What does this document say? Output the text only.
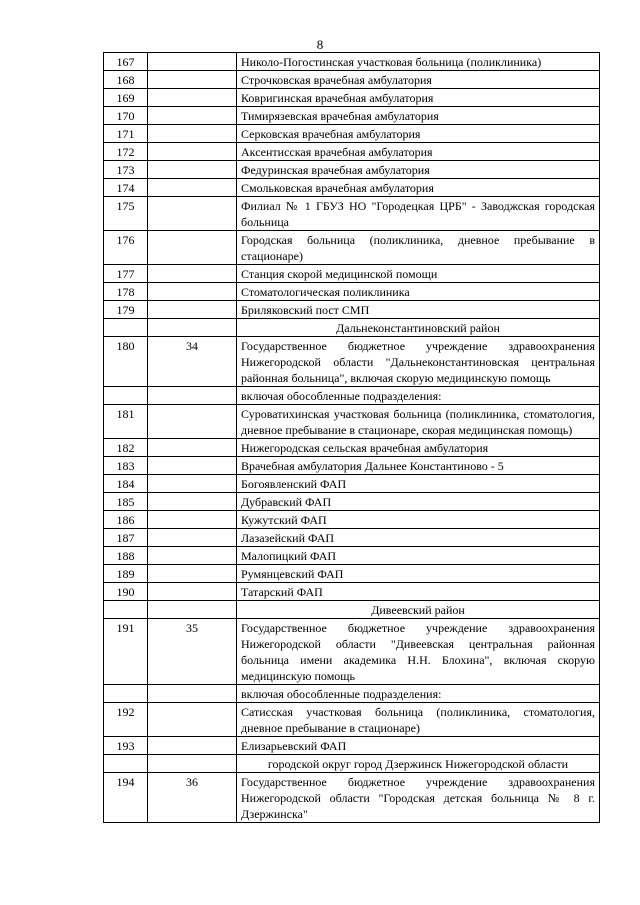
8
167		Николо-Погостинская участковая больница (поликлиника)
168		Строчковская врачебная амбулатория
169		Ковригинская врачебная амбулатория
170		Тимирязевская врачебная амбулатория
171		Серковская врачебная амбулатория
172		Аксентисская врачебная амбулатория
173		Федуринская врачебная амбулатория
174		Смольковская врачебная амбулатория
175		Филиал № 1 ГБУЗ НО "Городецкая ЦРБ" - Заводжская городская больница
176		Городская больница (поликлиника, дневное пребывание в стационаре)
177		Станция скорой медицинской помощи
178		Стоматологическая поликлиника
179		Бриляковский пост СМП
		Дальнеконстантиновский район
180	34	Государственное бюджетное учреждение здравоохранения Нижегородской области "Дальнеконстантиновская центральная районная больница", включая скорую медицинскую помощь
		включая обособленные подразделения:
181		Суроватихинская участковая больница (поликлиника, стоматология, дневное пребывание в стационаре, скорая медицинская помощь)
182		Нижегородская сельская врачебная амбулатория
183		Врачебная амбулатория Дальнее Константиново - 5
184		Богоявленский ФАП
185		Дубравский ФАП
186		Кужутский ФАП
187		Лазазейский ФАП
188		Малопицкий ФАП
189		Румянцевский ФАП
190		Татарский ФАП
		Дивеевский район
191	35	Государственное бюджетное учреждение здравоохранения Нижегородской области "Дивеевская центральная районная больница имени академика Н.Н. Блохина", включая скорую медицинскую помощь
		включая обособленные подразделения:
192		Сатисская участковая больница (поликлиника, стоматология, дневное пребывание в стационаре)
193		Елизарьевский ФАП
		городской округ город Дзержинск Нижегородской области
194	36	Государственное бюджетное учреждение здравоохранения Нижегородской области "Городская детская больница № 8 г. Дзержинска"
